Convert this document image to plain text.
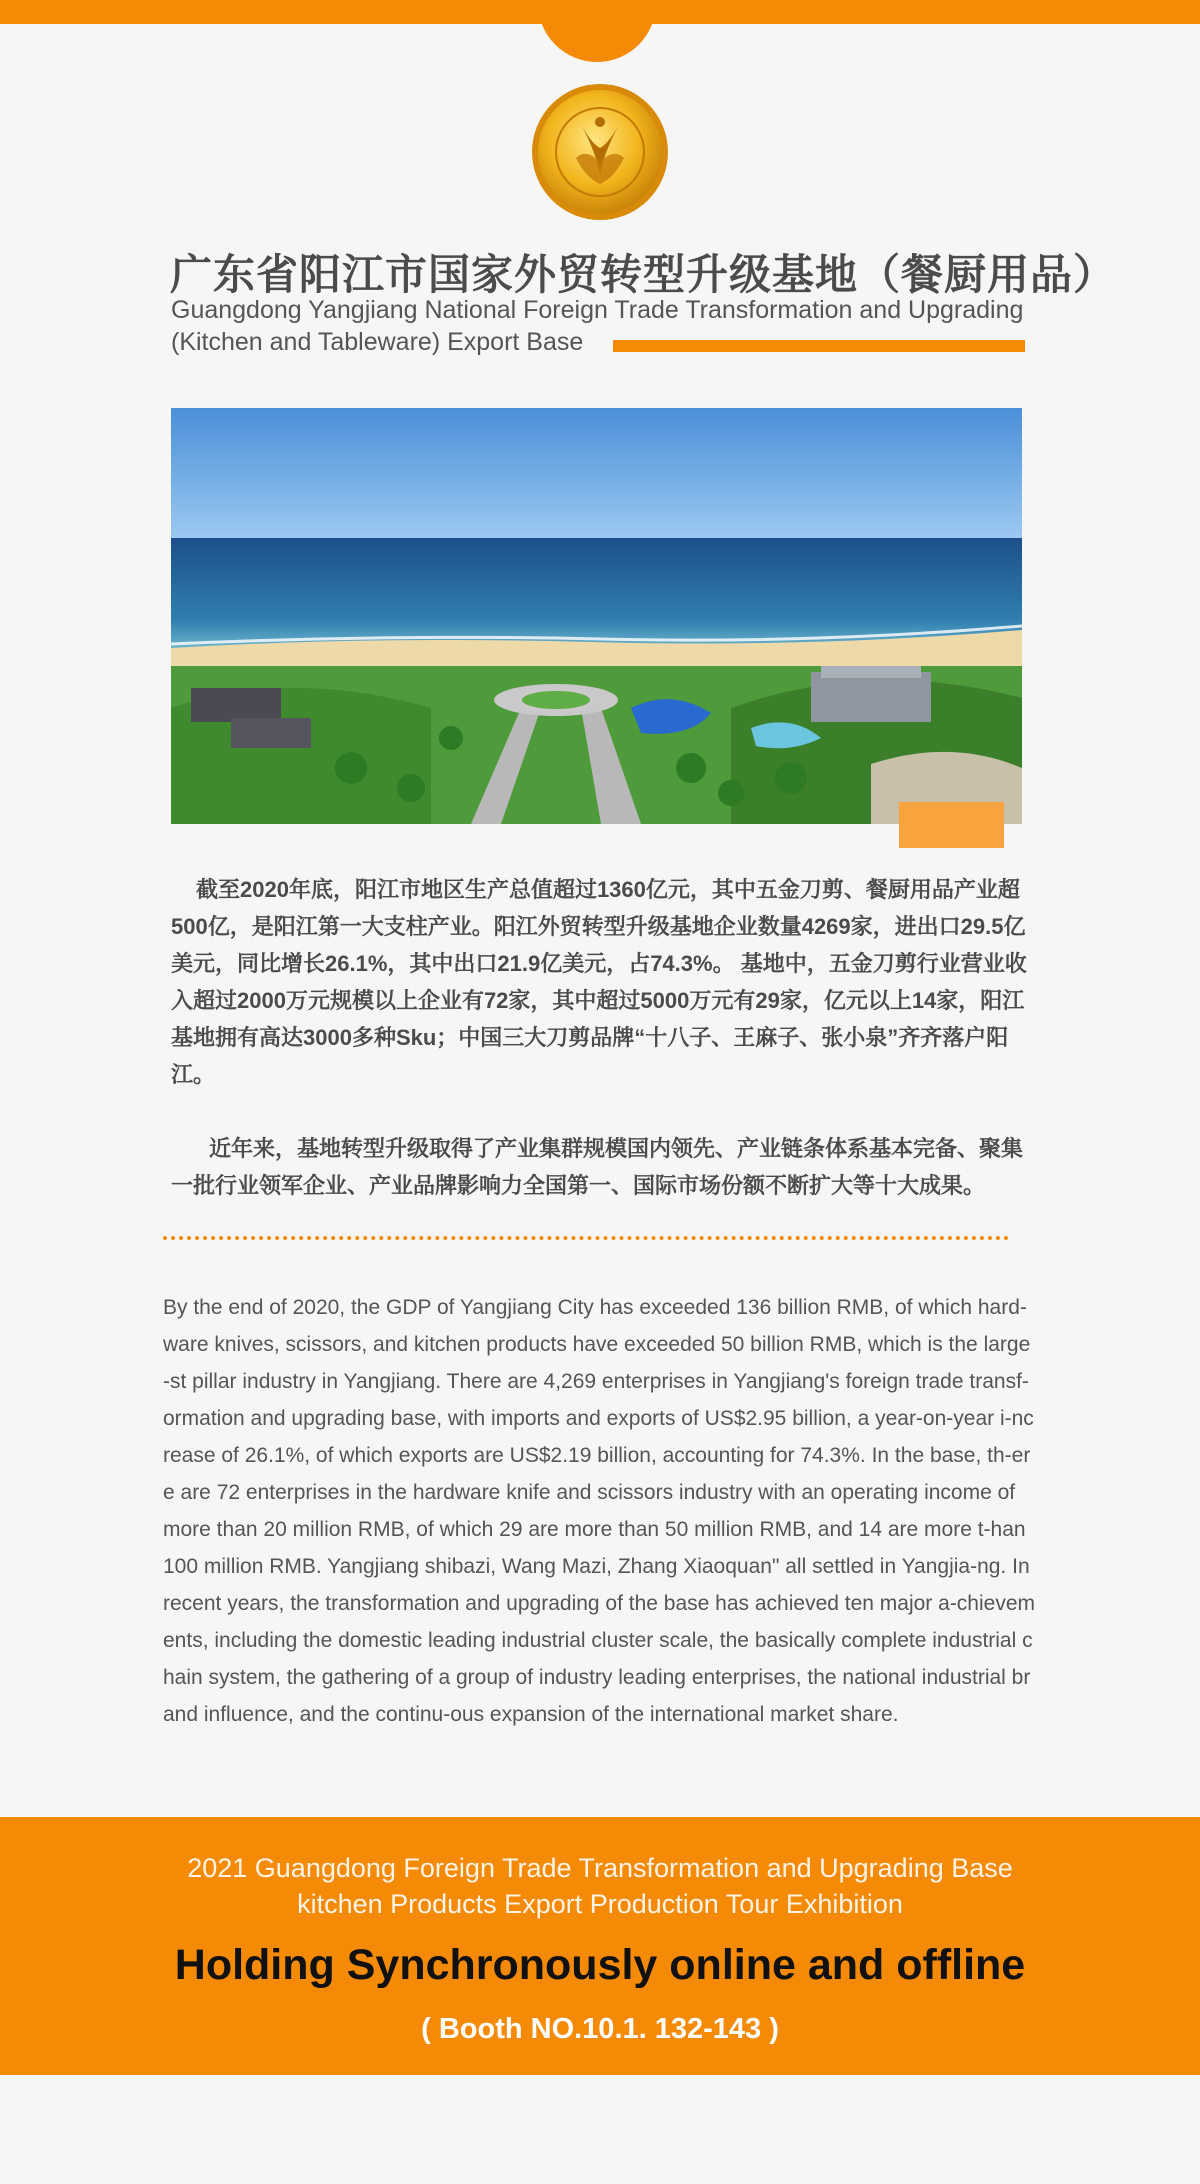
广东省阳江市国家外贸转型升级基地（餐厨用品）
Guangdong Yangjiang National Foreign Trade Transformation and Upgrading
(Kitchen and Tableware) Export Base
截至2020年底，阳江市地区生产总值超过1360亿元，其中五金刀剪、餐厨用品产业超500亿，是阳江第一大支柱产业。阳江外贸转型升级基地企业数量4269家，进出口29.5亿美元，同比增长26.1%，其中出口21.9亿美元，占74.3%。 基地中，五金刀剪行业营业收入超过2000万元规模以上企业有72家，其中超过5000万元有29家，亿元以上14家，阳江基地拥有高达3000多种Sku；中国三大刀剪品牌“十八子、王麻子、张小泉”齐齐落户阳江。
近年来，基地转型升级取得了产业集群规模国内领先、产业链条体系基本完备、聚集一批行业领军企业、产业品牌影响力全国第一、国际市场份额不断扩大等十大成果。
By the end of 2020, the GDP of Yangjiang City has exceeded 136 billion RMB, of which hard-ware knives, scissors, and kitchen products have exceeded 50 billion RMB, which is the large-st pillar industry in Yangjiang. There are 4,269 enterprises in Yangjiang's foreign trade transf-ormation and upgrading base, with imports and exports of US$2.95 billion, a year-on-year i-ncrease of 26.1%, of which exports are US$2.19 billion, accounting for 74.3%. In the base, th-ere are 72 enterprises in the hardware knife and scissors industry with an operating income of more than 20 million RMB, of which 29 are more than 50 million RMB, and 14 are more t-han 100 million RMB. Yangjiang shibazi, Wang Mazi, Zhang Xiaoquan" all settled in Yangjia-ng. In recent years, the transformation and upgrading of the base has achieved ten major a-chievements, including the domestic leading industrial cluster scale, the basically complete industrial chain system, the gathering of a group of industry leading enterprises, the national industrial brand influence, and the continu-ous expansion of the international market share.
2021 Guangdong Foreign Trade Transformation and Upgrading Base
kitchen Products Export Production Tour Exhibition
Holding Synchronously online and offline
( Booth NO.10.1. 132-143 )
